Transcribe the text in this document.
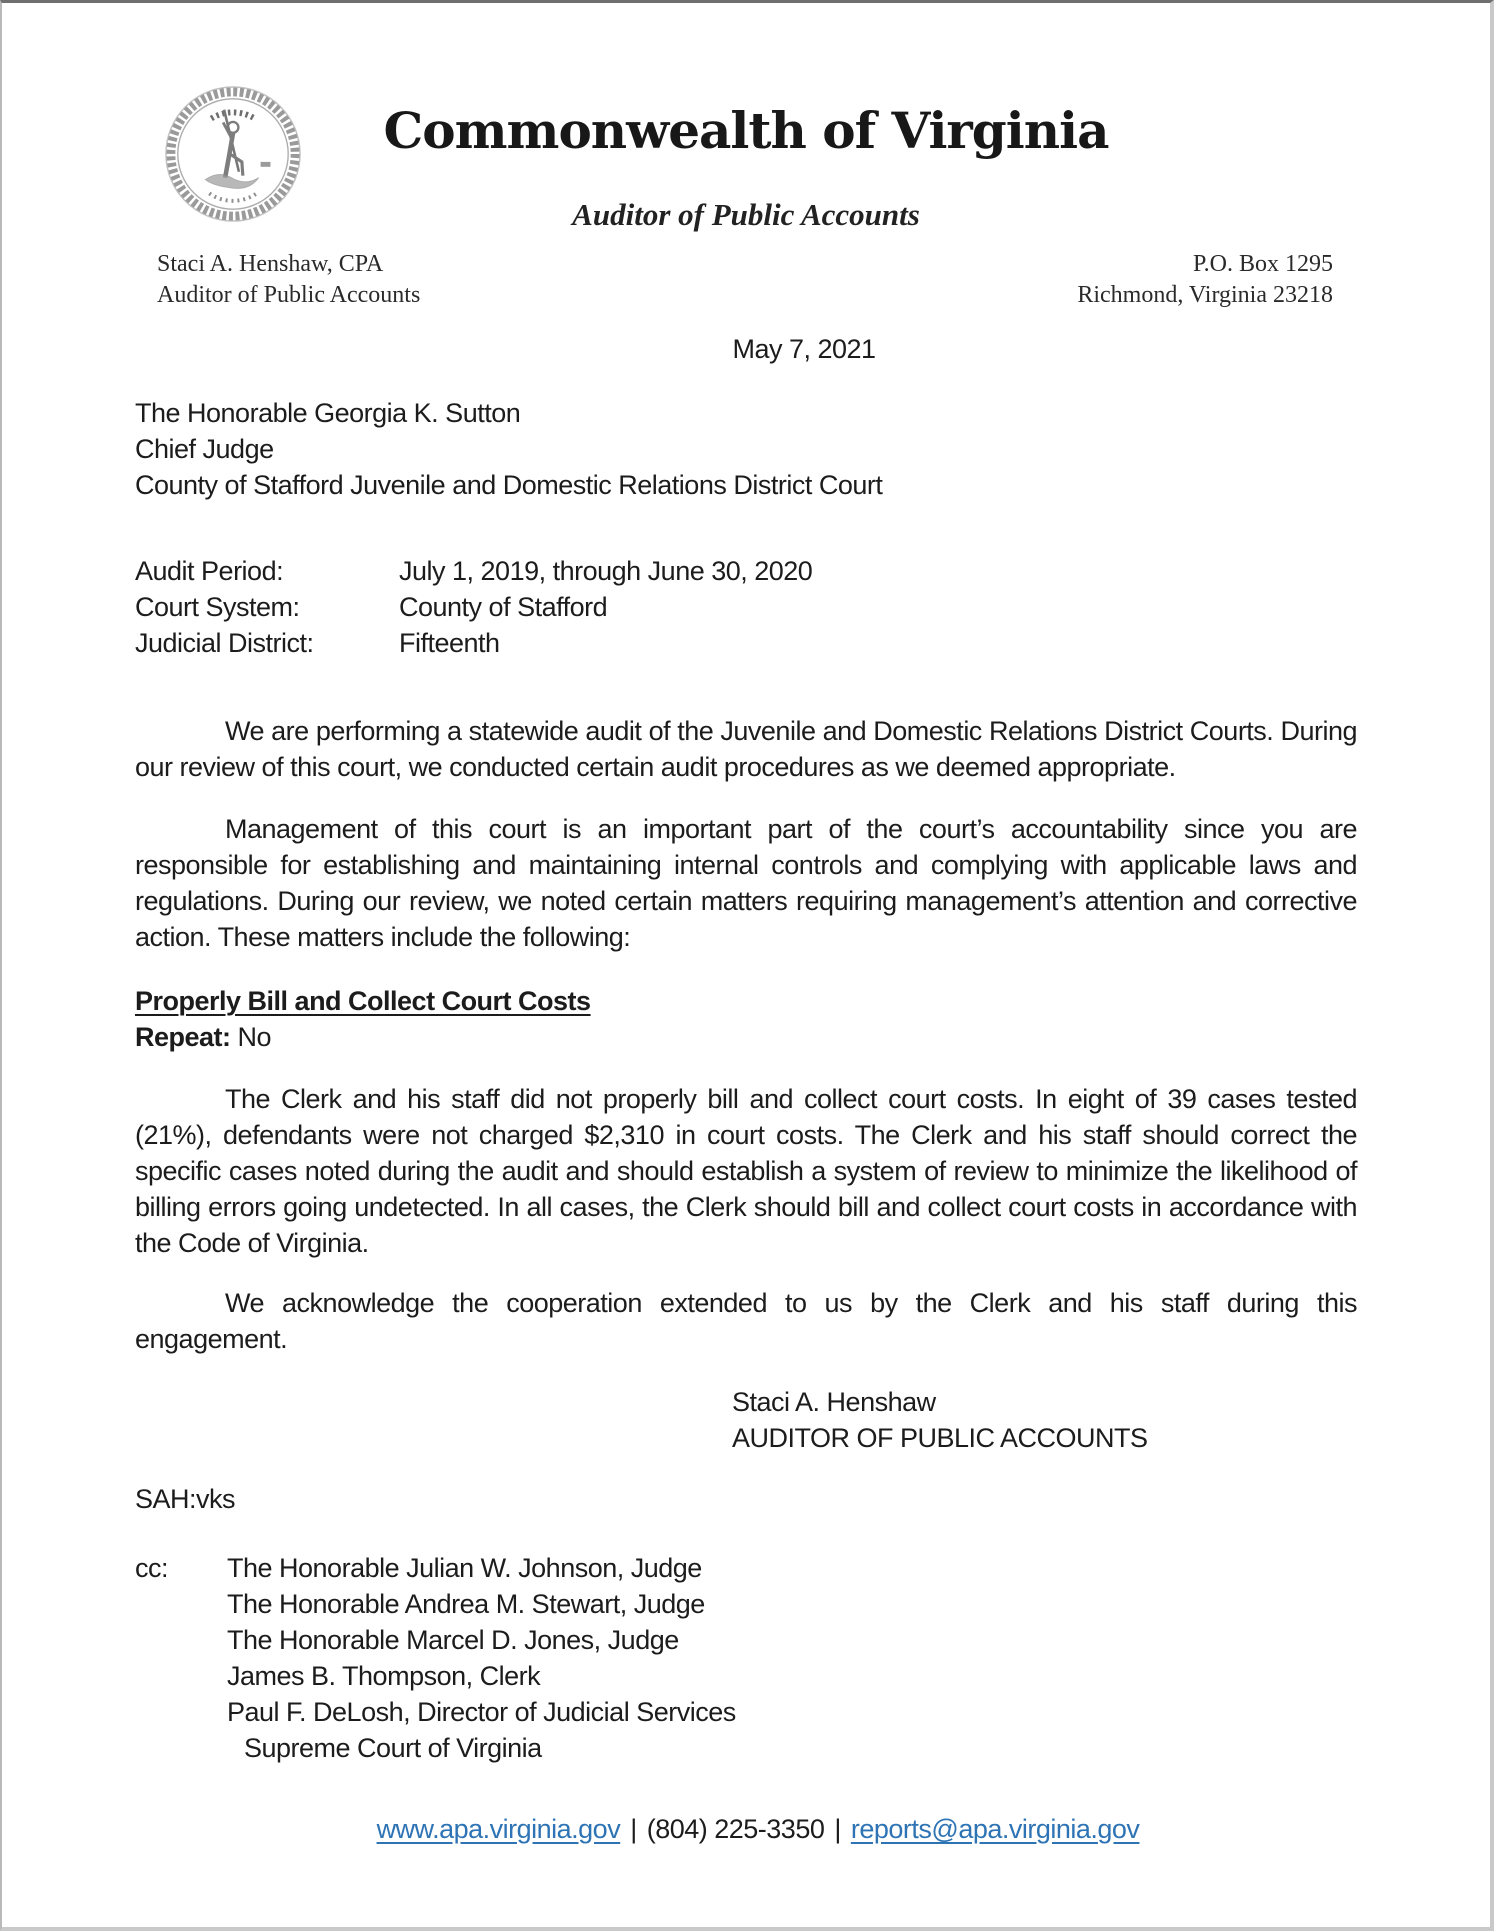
Commonwealth of Virginia
Auditor of Public Accounts
Staci A. Henshaw, CPA
Auditor of Public Accounts
P.O. Box 1295
Richmond, Virginia 23218
May 7, 2021
The Honorable Georgia K. Sutton
Chief Judge
County of Stafford Juvenile and Domestic Relations District Court
Audit Period:	July 1, 2019, through June 30, 2020
Court System:	County of Stafford
Judicial District:	Fifteenth

We are performing a statewide audit of the Juvenile and Domestic Relations District Courts. During our review of this court, we conducted certain audit procedures as we deemed appropriate.

Management of this court is an important part of the court’s accountability since you are responsible for establishing and maintaining internal controls and complying with applicable laws and regulations. During our review, we noted certain matters requiring management’s attention and corrective action. These matters include the following:

Properly Bill and Collect Court Costs
Repeat: No

The Clerk and his staff did not properly bill and collect court costs. In eight of 39 cases tested (21%), defendants were not charged $2,310 in court costs. The Clerk and his staff should correct the specific cases noted during the audit and should establish a system of review to minimize the likelihood of billing errors going undetected. In all cases, the Clerk should bill and collect court costs in accordance with the Code of Virginia.

We acknowledge the cooperation extended to us by the Clerk and his staff during this engagement.

Staci A. Henshaw
AUDITOR OF PUBLIC ACCOUNTS
SAH:vks
cc:	The Honorable Julian W. Johnson, Judge
The Honorable Andrea M. Stewart, Judge
The Honorable Marcel D. Jones, Judge
James B. Thompson, Clerk
Paul F. DeLosh, Director of Judicial Services
Supreme Court of Virginia
www.apa.virginia.gov | (804) 225-3350 | reports@apa.virginia.gov
